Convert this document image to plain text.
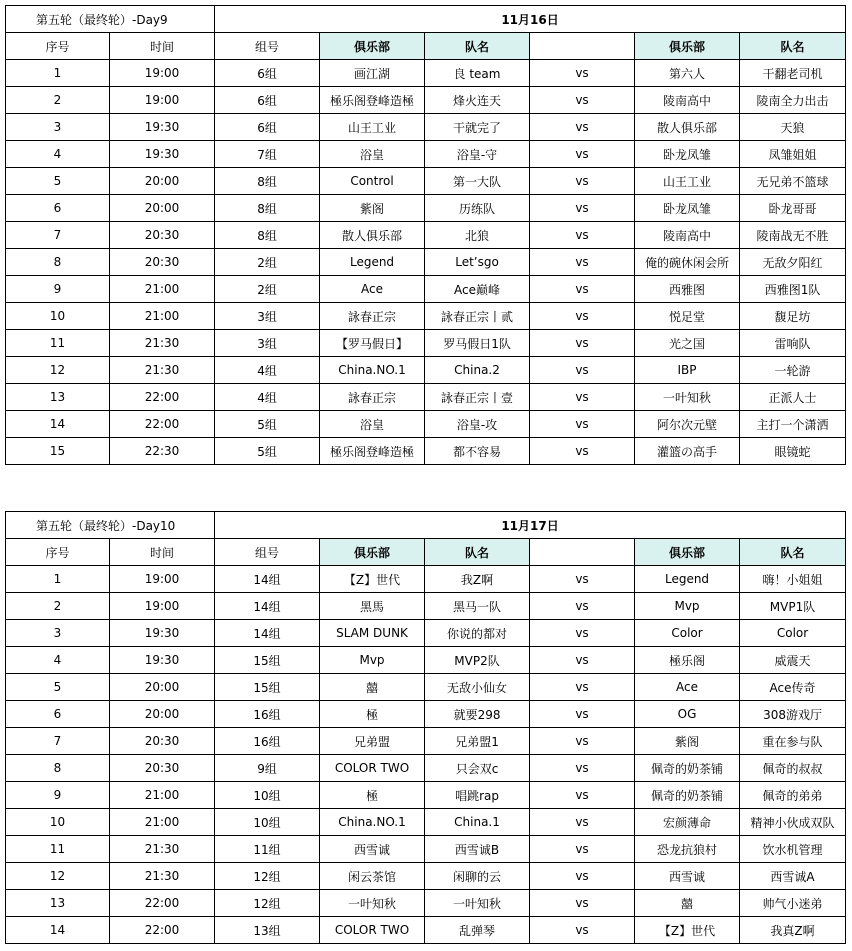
第五轮（最终轮）-Day9		11月16日					
序号	时间	组号	俱乐部	队名		俱乐部	队名
1	19:00	6组	画江湖	良 team	vs	第六人	干翻老司机
2	19:00	6组	極乐阁登峰造極	烽火连天	vs	陵南高中	陵南全力出击
3	19:30	6组	山王工业	干就完了	vs	散人俱乐部	天狼
4	19:30	7组	浴皇	浴皇-守	vs	卧龙凤雏	凤雏姐姐
5	20:00	8组	Control	第一大队	vs	山王工业	无兄弟不篮球
6	20:00	8组	紫阁	历练队	vs	卧龙凤雏	卧龙哥哥
7	20:30	8组	散人俱乐部	北狼	vs	陵南高中	陵南战无不胜
8	20:30	2组	Legend	Let’sgo	vs	俺的碗休闲会所	无敌夕阳红
9	21:00	2组	Ace	Ace巅峰	vs	西雅图	西雅图1队
10	21:00	3组	詠春正宗	詠春正宗丨贰	vs	悦足堂	馥足坊
11	21:30	3组	【罗马假日】	罗马假日1队	vs	光之国	雷响队
12	21:30	4组	China.NO.1	China.2	vs	IBP	一轮游
13	22:00	4组	詠春正宗	詠春正宗丨壹	vs	一叶知秋	正派人士
14	22:00	5组	浴皇	浴皇-攻	vs	阿尔次元壁	主打一个潇洒
15	22:30	5组	極乐阁登峰造極	都不容易	vs	灌篮の高手	眼镜蛇
第五轮（最终轮）-Day10		11月17日					
序号	时间	组号	俱乐部	队名		俱乐部	队名
1	19:00	14组	【Z】世代	我Z啊	vs	Legend	嗨！小姐姐
2	19:00	14组	黑馬	黑马一队	vs	Mvp	MVP1队
3	19:30	14组	SLAM DUNK	你说的都对	vs	Color	Color
4	19:30	15组	Mvp	MVP2队	vs	極乐阁	威震天
5	20:00	15组	囍	无敌小仙女	vs	Ace	Ace传奇
6	20:00	16组	極	就要298	vs	OG	308游戏厅
7	20:30	16组	兄弟盟	兄弟盟1	vs	紫阁	重在参与队
8	20:30	9组	COLOR TWO	只会双c	vs	佩奇的奶茶铺	佩奇的叔叔
9	21:00	10组	極	唱跳rap	vs	佩奇的奶茶铺	佩奇的弟弟
10	21:00	10组	China.NO.1	China.1	vs	宏颜薄命	精神小伙成双队
11	21:30	11组	西雪诚	西雪诚B	vs	恐龙抗狼村	饮水机管理
12	21:30	12组	闲云茶馆	闲聊的云	vs	西雪诚	西雪诚A
13	22:00	12组	一叶知秋	一叶知秋	vs	囍	帅气小迷弟
14	22:00	13组	COLOR TWO	乱弹琴	vs	【Z】世代	我真Z啊
